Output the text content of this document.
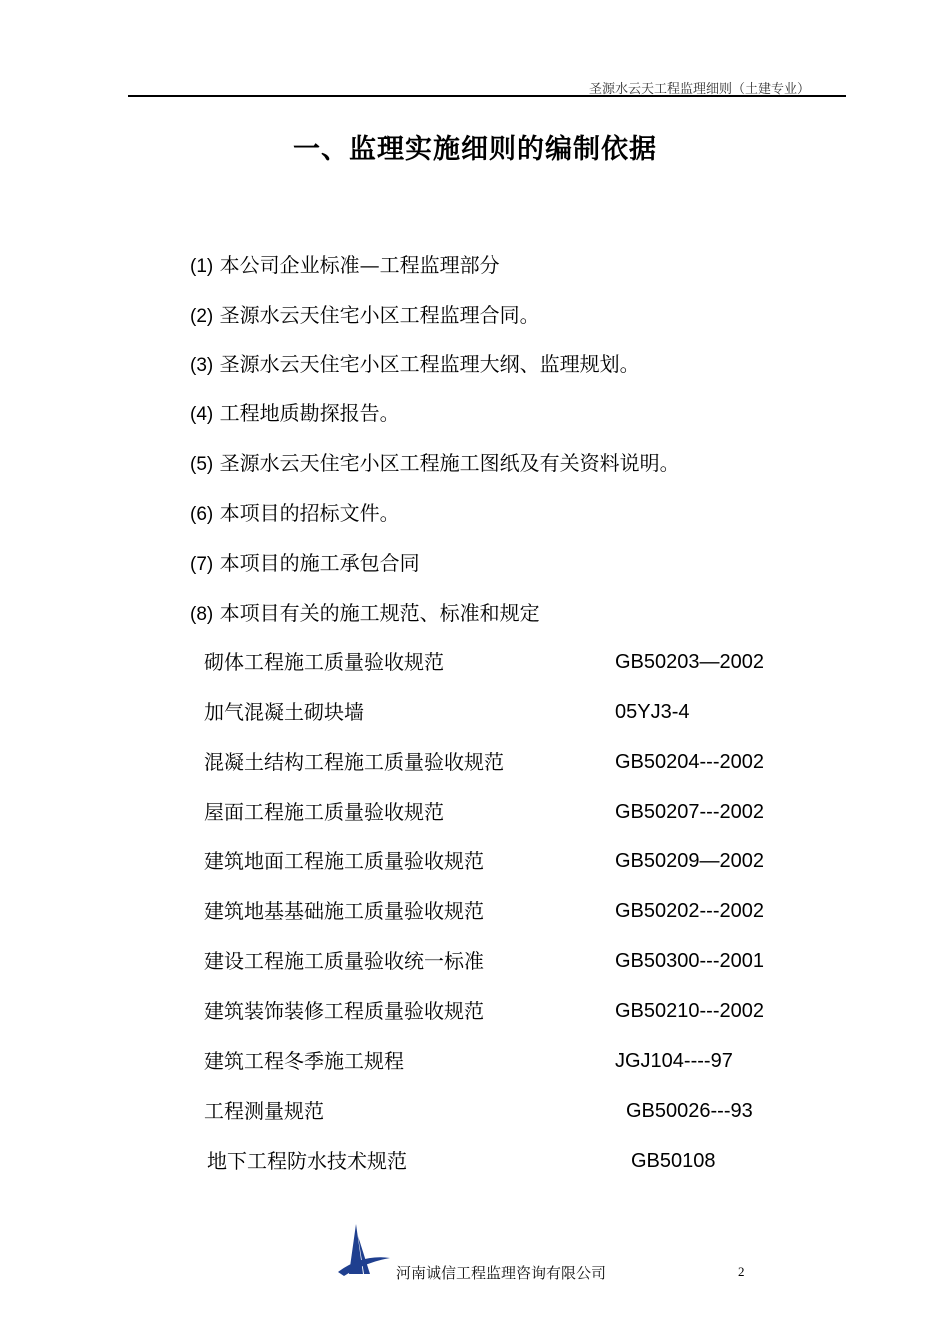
圣源水云天工程监理细则（土建专业）
一、监理实施细则的编制依据
(1) 本公司企业标准—工程监理部分
(2) 圣源水云天住宅小区工程监理合同。
(3) 圣源水云天住宅小区工程监理大纲、监理规划。
(4) 工程地质勘探报告。
(5) 圣源水云天住宅小区工程施工图纸及有关资料说明。
(6) 本项目的招标文件。
(7) 本项目的施工承包合同
(8) 本项目有关的施工规范、标准和规定
砌体工程施工质量验收规范	GB50203—2002
加气混凝土砌块墙	05YJ3-4
混凝土结构工程施工质量验收规范	GB50204---2002
屋面工程施工质量验收规范	GB50207---2002
建筑地面工程施工质量验收规范	GB50209—2002
建筑地基基础施工质量验收规范	GB50202---2002
建设工程施工质量验收统一标准	GB50300---2001
建筑装饰装修工程质量验收规范	GB50210---2002
建筑工程冬季施工规程	JGJ104----97
工程测量规范	GB50026---93
地下工程防水技术规范	GB50108
河南诚信工程监理咨询有限公司	2
